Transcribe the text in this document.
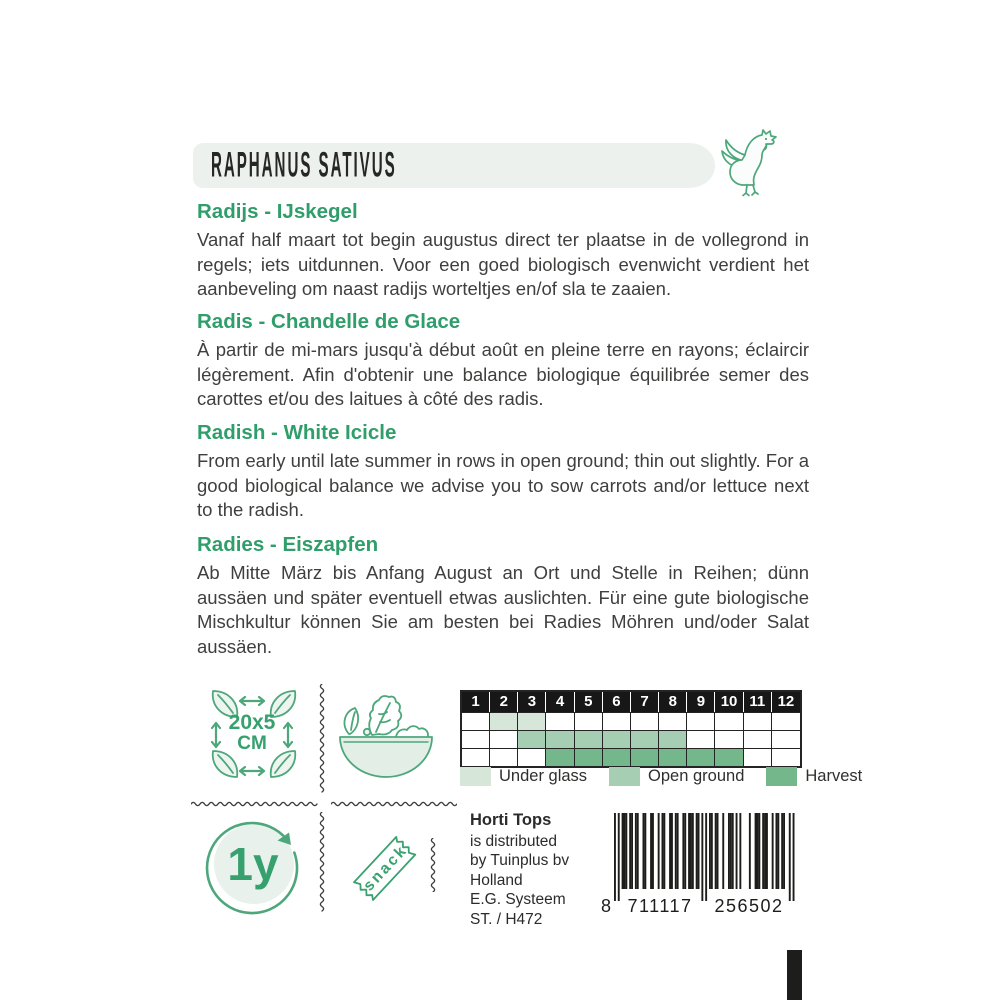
RAPHANUS SATIVUS
Radijs - IJskegel

Vanaf half maart tot begin augustus direct ter plaatse in de vollegrond in regels; iets uitdunnen. Voor een goed biologisch evenwicht verdient het aanbeveling om naast radijs worteltjes en/of sla te zaaien.

Radis - Chandelle de Glace

À partir de mi-mars jusqu'à début août en pleine terre en rayons; éclaircir légèrement. Afin d'obtenir une balance biologique équilibrée semer des carottes et/ou des laitues à côté des radis.

Radish - White Icicle

From early until late summer in rows in open ground; thin out slightly. For a good biological balance we advise you to sow carrots and/or lettuce next to the radish.

Radies - Eiszapfen

Ab Mitte März bis Anfang August an Ort und Stelle in Reihen; dünn aussäen und später eventuell etwas auslichten. Für eine gute biologische Mischkultur können Sie am besten bei Radies Möhren und/oder Salat aussäen.

20x5
CM
1	2	3	4	5	6	7	8	9	10 11 12
Under glass	Open ground	Harvest
1y	snack
Horti Tops
is distributed
by Tuinplus bv
Holland
E.G. Systeem
ST. / H472
8 711117 256502
